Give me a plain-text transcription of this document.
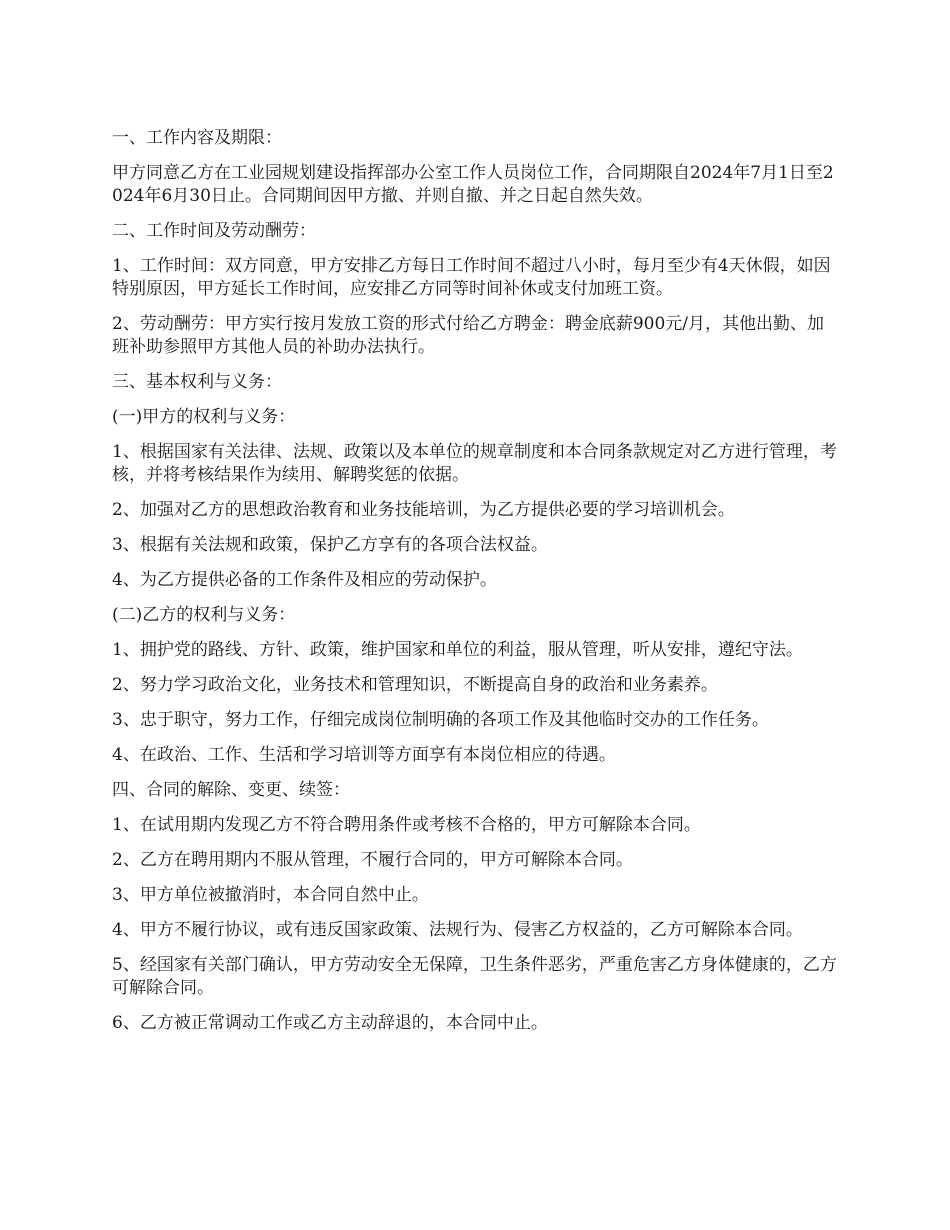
一、工作内容及期限：

甲方同意乙方在工业园规划建设指挥部办公室工作人员岗位工作，合同期限自2024年7月1日至2024年6月30日止。合同期间因甲方撤、并则自撤、并之日起自然失效。

二、工作时间及劳动酬劳：

1、工作时间：双方同意，甲方安排乙方每日工作时间不超过八小时，每月至少有4天休假，如因特别原因，甲方延长工作时间，应安排乙方同等时间补休或支付加班工资。

2、劳动酬劳：甲方实行按月发放工资的形式付给乙方聘金：聘金底薪900元/月，其他出勤、加班补助参照甲方其他人员的补助办法执行。

三、基本权利与义务：

(一)甲方的权利与义务：

1、根据国家有关法律、法规、政策以及本单位的规章制度和本合同条款规定对乙方进行管理，考核，并将考核结果作为续用、解聘奖惩的依据。

2、加强对乙方的思想政治教育和业务技能培训，为乙方提供必要的学习培训机会。

3、根据有关法规和政策，保护乙方享有的各项合法权益。

4、为乙方提供必备的工作条件及相应的劳动保护。

(二)乙方的权利与义务：

1、拥护党的路线、方针、政策，维护国家和单位的利益，服从管理，听从安排，遵纪守法。

2、努力学习政治文化，业务技术和管理知识，不断提高自身的政治和业务素养。

3、忠于职守，努力工作，仔细完成岗位制明确的各项工作及其他临时交办的工作任务。

4、在政治、工作、生活和学习培训等方面享有本岗位相应的待遇。

四、合同的解除、变更、续签：

1、在试用期内发现乙方不符合聘用条件或考核不合格的，甲方可解除本合同。

2、乙方在聘用期内不服从管理，不履行合同的，甲方可解除本合同。

3、甲方单位被撤消时，本合同自然中止。

4、甲方不履行协议，或有违反国家政策、法规行为、侵害乙方权益的，乙方可解除本合同。

5、经国家有关部门确认，甲方劳动安全无保障，卫生条件恶劣，严重危害乙方身体健康的，乙方可解除合同。

6、乙方被正常调动工作或乙方主动辞退的，本合同中止。
